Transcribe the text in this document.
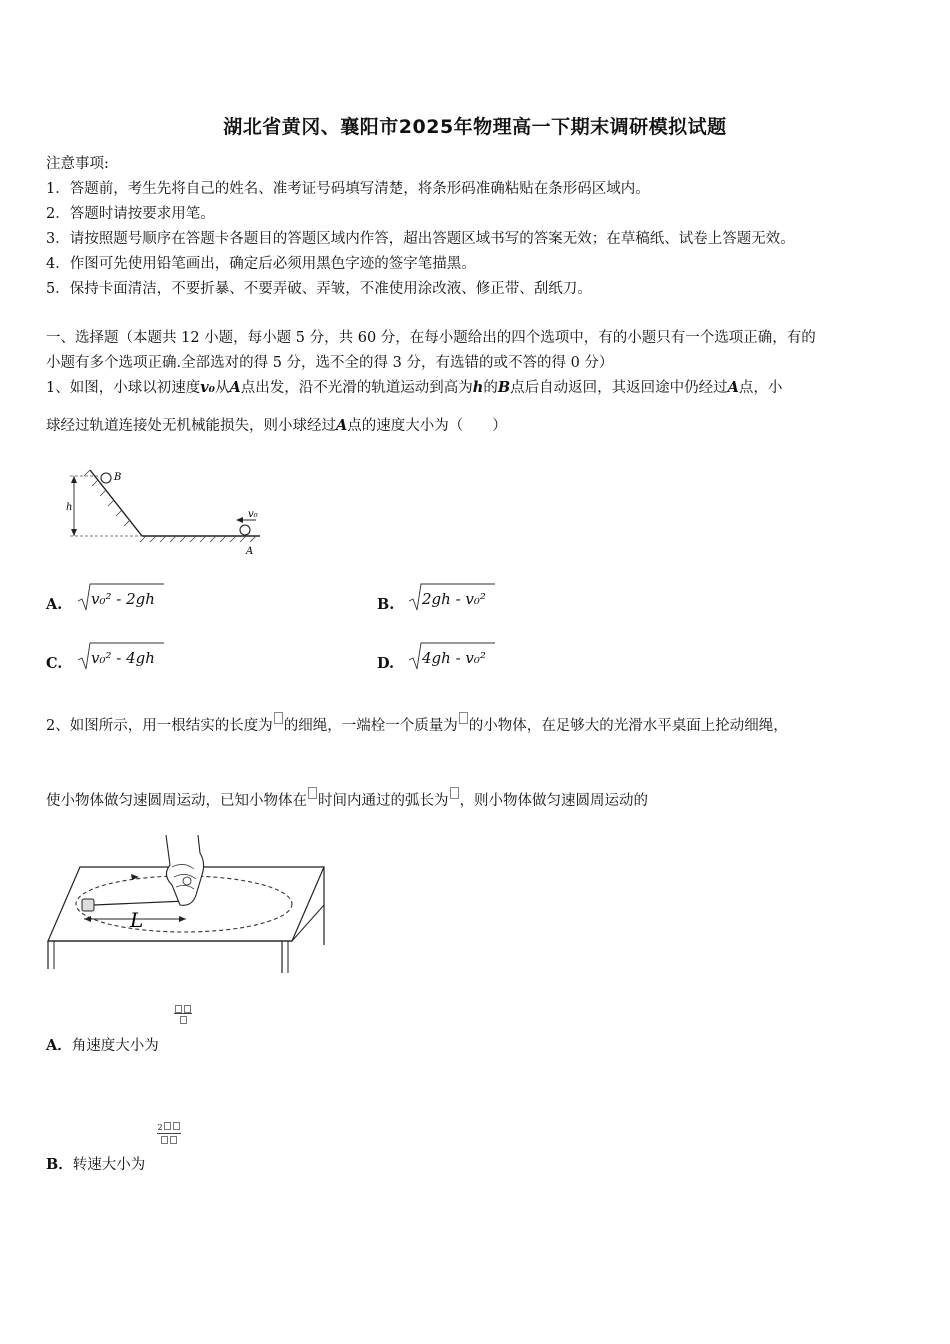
湖北省黄冈、襄阳市2025年物理高一下期末调研模拟试题
注意事项:
1．答题前，考生先将自己的姓名、准考证号码填写清楚，将条形码准确粘贴在条形码区域内。
2．答题时请按要求用笔。
3．请按照题号顺序在答题卡各题目的答题区域内作答，超出答题区域书写的答案无效；在草稿纸、试卷上答题无效。
4．作图可先使用铅笔画出，确定后必须用黑色字迹的签字笔描黑。
5．保持卡面清洁，不要折暴、不要弄破、弄皱，不准使用涂改液、修正带、刮纸刀。
一、选择题（本题共 12 小题，每小题 5 分，共 60 分，在每小题给出的四个选项中，有的小题只有一个选项正确，有的
小题有多个选项正确.全部选对的得 5 分，选不全的得 3 分，有选错的或不答的得 0 分）
1、如图，小球以初速度v₀从A点出发，沿不光滑的轨道运动到高为h的B点后自动返回，其返回途中仍经过A点，小
球经过轨道连接处无机械能损失，则小球经过A点的速度大小为（　　）
B
h
v₀
A
A. v₀² - 2gh	B. 2gh - v₀²
C. v₀² - 4gh	D. 4gh - v₀²
2、如图所示，用一根结实的长度为 的细绳，一端栓一个质量为 的小物体，在足够大的光滑水平桌面上抡动细绳，
使小物体做匀速圆周运动，已知小物体在 时间内通过的弧长为 ，则小物体做匀速圆周运动的
L
A．角速度大小为
2
B．转速大小为
